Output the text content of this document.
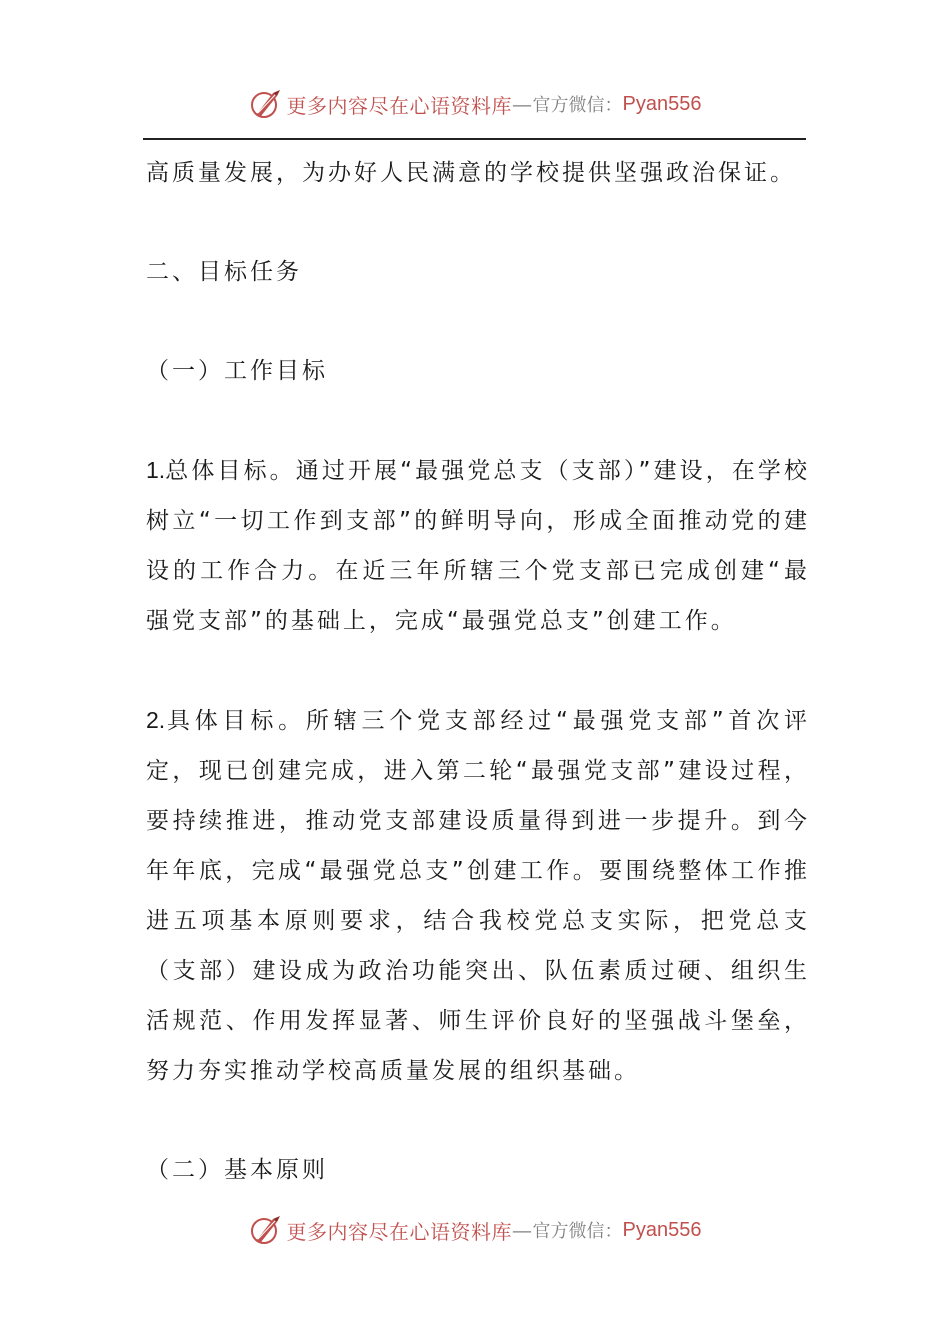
更多内容尽在心语资料库 — 官方微信： Pyan556

高质量发展，为办好人民满意的学校提供坚强政治保证。

二、目标任务

（一）工作目标

1.总体目标。通过开展“最强党总支（支部）”建设，在学校树立“一切工作到支部”的鲜明导向，形成全面推动党的建设的工作合力。在近三年所辖三个党支部已完成创建“最强党支部”的基础上，完成“最强党总支”创建工作。

2.具体目标。所辖三个党支部经过“最强党支部”首次评定，现已创建完成，进入第二轮“最强党支部”建设过程，要持续推进，推动党支部建设质量得到进一步提升。到今年年底，完成“最强党总支”创建工作。要围绕整体工作推进五项基本原则要求，结合我校党总支实际，把党总支（支部）建设成为政治功能突出、队伍素质过硬、组织生活规范、作用发挥显著、师生评价良好的坚强战斗堡垒，努力夯实推动学校高质量发展的组织基础。

（二）基本原则

更多内容尽在心语资料库 — 官方微信： Pyan556
